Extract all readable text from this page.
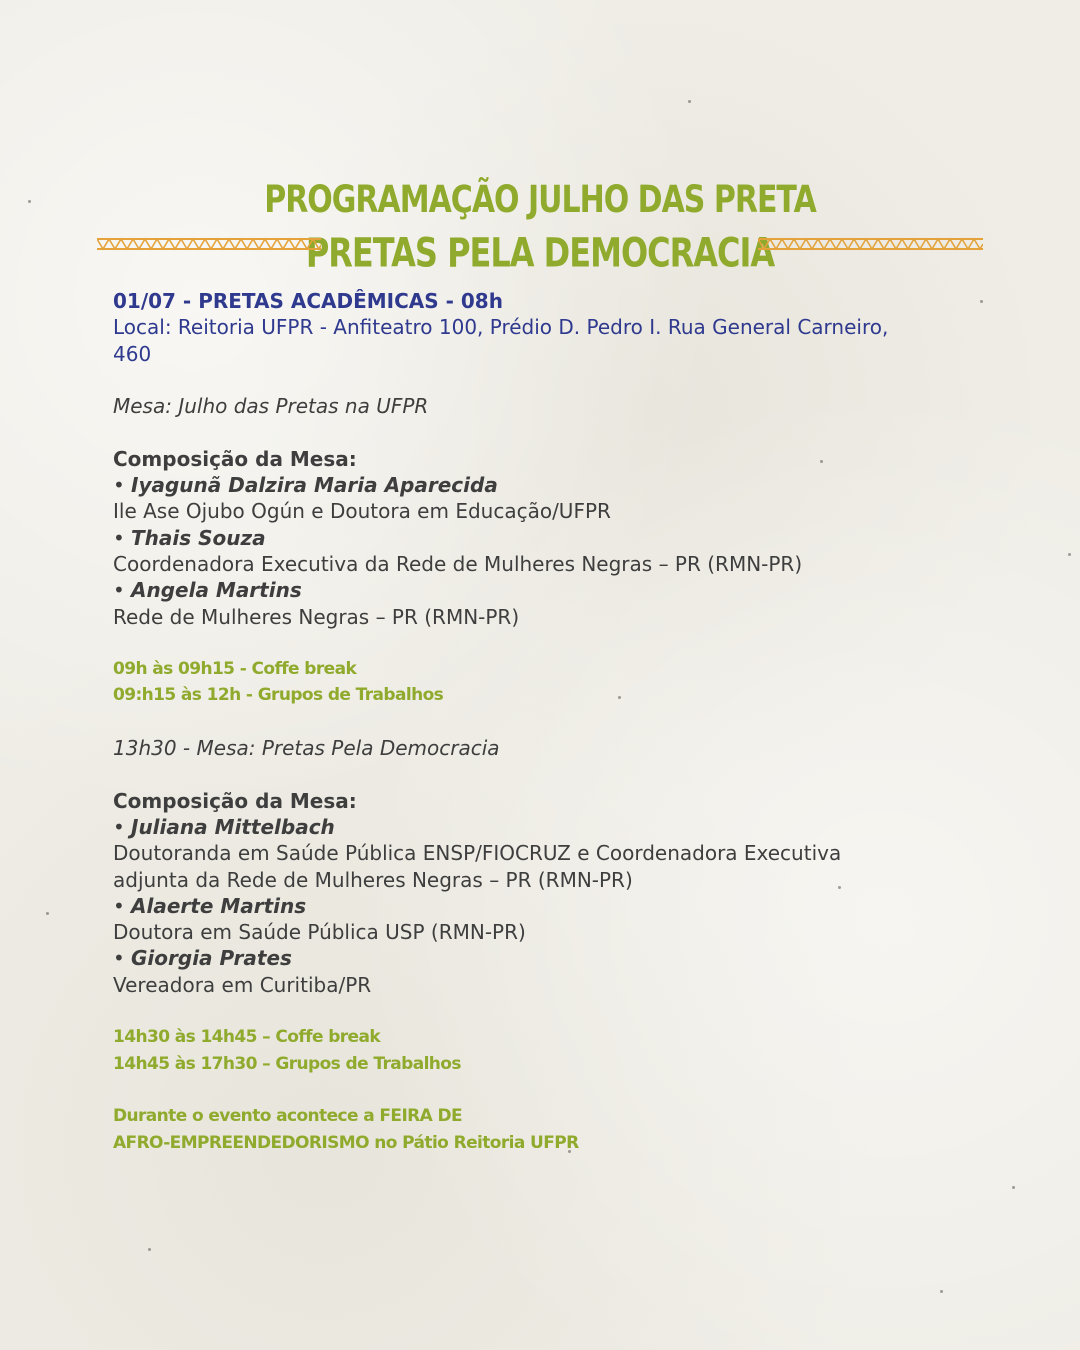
PROGRAMAÇÃO JULHO DAS PRETA
PRETAS PELA DEMOCRACIA
01/07 - PRETAS ACADÊMICAS - 08h
Local: Reitoria UFPR - Anfiteatro 100, Prédio D. Pedro I. Rua General Carneiro,
460
Mesa: Julho das Pretas na UFPR
Composição da Mesa:
• Iyagunã Dalzira Maria Aparecida
Ile Ase Ojubo Ogún e Doutora em Educação/UFPR
• Thais Souza
Coordenadora Executiva da Rede de Mulheres Negras – PR (RMN-PR)
• Angela Martins
Rede de Mulheres Negras – PR (RMN-PR)
09h às 09h15 - Coffe break
09:h15 às 12h - Grupos de Trabalhos
13h30 - Mesa: Pretas Pela Democracia
Composição da Mesa:
• Juliana Mittelbach
Doutoranda em Saúde Pública ENSP/FIOCRUZ e Coordenadora Executiva
adjunta da Rede de Mulheres Negras – PR (RMN-PR)
• Alaerte Martins
Doutora em Saúde Pública USP (RMN-PR)
• Giorgia Prates
Vereadora em Curitiba/PR
14h30 às 14h45 – Coffe break
14h45 às 17h30 – Grupos de Trabalhos
Durante o evento acontece a FEIRA DE
AFRO-EMPREENDEDORISMO no Pátio Reitoria UFPR
